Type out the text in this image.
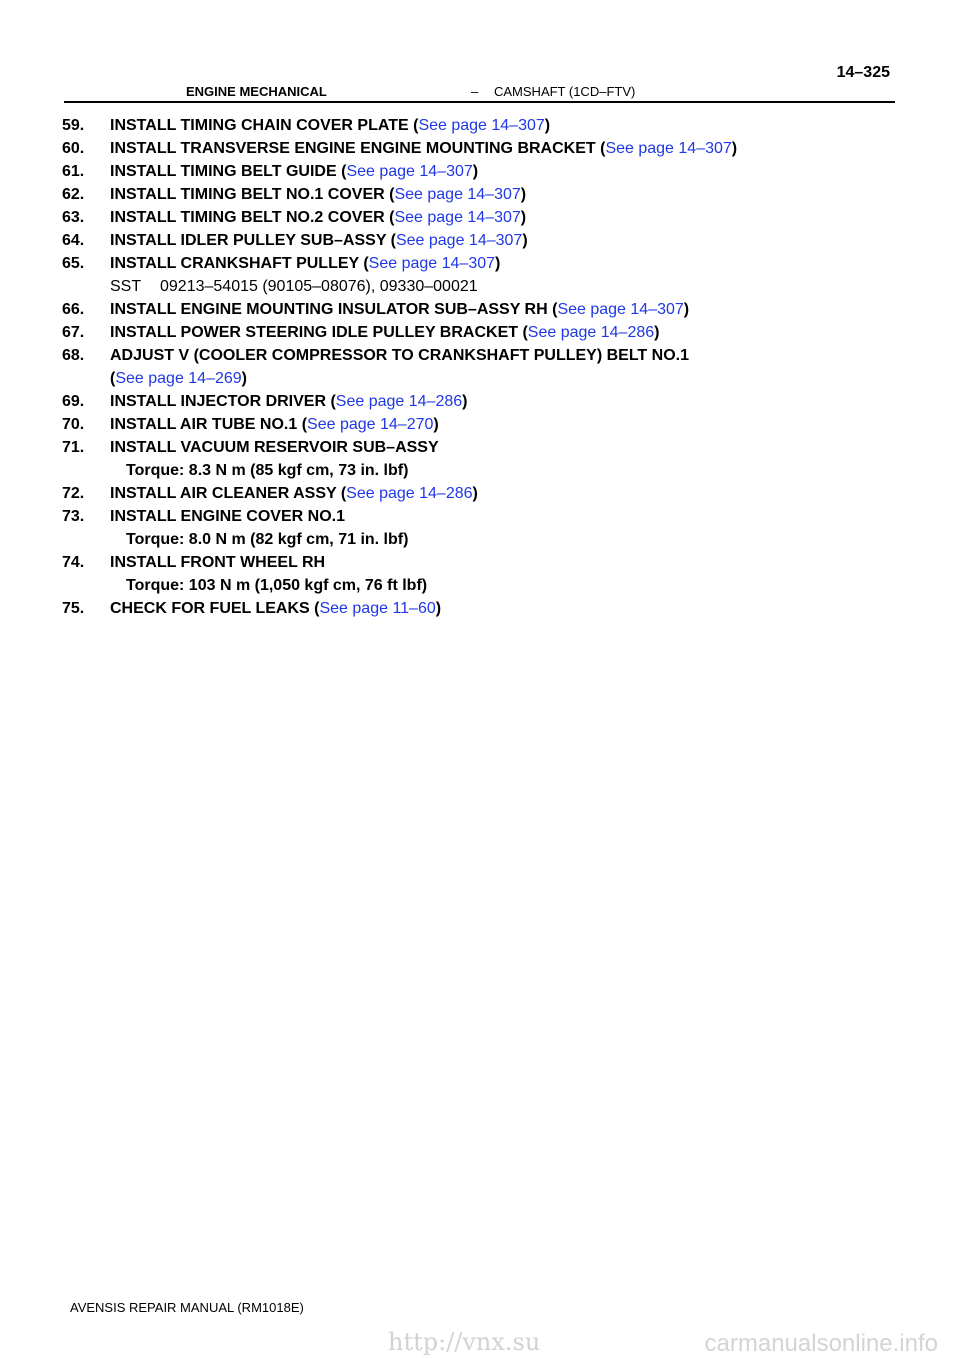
ENGINE MECHANICAL	– CAMSHAFT (1CD–FTV)
14–325
59. INSTALL TIMING CHAIN COVER PLATE (See page 14–307)
60. INSTALL TRANSVERSE ENGINE ENGINE MOUNTING BRACKET (See page 14–307)
61. INSTALL TIMING BELT GUIDE (See page 14–307)
62. INSTALL TIMING BELT NO.1 COVER (See page 14–307)
63. INSTALL TIMING BELT NO.2 COVER (See page 14–307)
64. INSTALL IDLER PULLEY SUB–ASSY (See page 14–307)
65. INSTALL CRANKSHAFT PULLEY (See page 14–307)
SST 09213–54015 (90105–08076), 09330–00021
66. INSTALL ENGINE MOUNTING INSULATOR SUB–ASSY RH (See page 14–307)
67. INSTALL POWER STEERING IDLE PULLEY BRACKET (See page 14–286)
68. ADJUST V (COOLER COMPRESSOR TO CRANKSHAFT PULLEY) BELT NO.1
(See page 14–269)
69. INSTALL INJECTOR DRIVER (See page 14–286)
70. INSTALL AIR TUBE NO.1 (See page 14–270)
71. INSTALL VACUUM RESERVOIR SUB–ASSY
Torque: 8.3 N m (85 kgf cm, 73 in. lbf)
72. INSTALL AIR CLEANER ASSY (See page 14–286)
73. INSTALL ENGINE COVER NO.1
Torque: 8.0 N m (82 kgf cm, 71 in. lbf)
74. INSTALL FRONT WHEEL RH
Torque: 103 N m (1,050 kgf cm, 76 ft lbf)
75. CHECK FOR FUEL LEAKS (See page 11–60)
AVENSIS REPAIR MANUAL (RM1018E)
http://vnx.su	carmanualsonline.info
